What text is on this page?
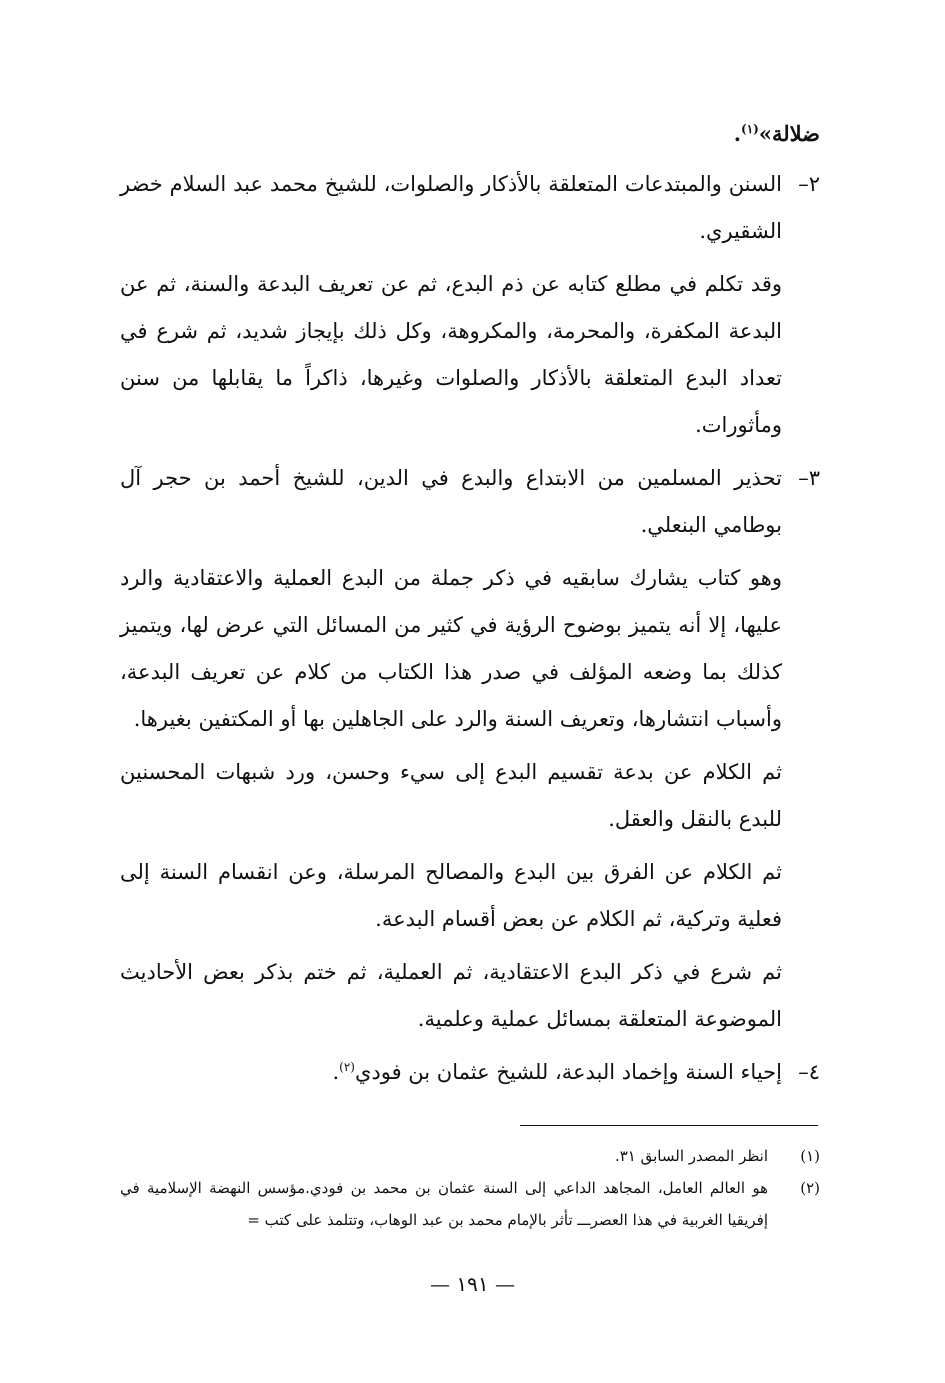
ضلالة»$^{(١)}$.

٢–

السنن والمبتدعات المتعلقة بالأذكار والصلوات، للشيخ محمد عبد السلام خضر الشقيري.

وقد تكلم في مطلع كتابه عن ذم البدع، ثم عن تعريف البدعة والسنة، ثم عن البدعة المكفرة، والمحرمة، والمكروهة، وكل ذلك بإيجاز شديد، ثم شرع في تعداد البدع المتعلقة بالأذكار والصلوات وغيرها، ذاكراً ما يقابلها من سنن ومأثورات.

٣–

تحذير المسلمين من الابتداع والبدع في الدين، للشيخ أحمد بن حجر آل بوطامي البنعلي.

وهو كتاب يشارك سابقيه في ذكر جملة من البدع العملية والاعتقادية والرد عليها، إلا أنه يتميز بوضوح الرؤية في كثير من المسائل التي عرض لها، ويتميز كذلك بما وضعه المؤلف في صدر هذا الكتاب من كلام عن تعريف البدعة، وأسباب انتشارها، وتعريف السنة والرد على الجاهلين بها أو المكتفين بغيرها.

ثم الكلام عن بدعة تقسيم البدع إلى سيء وحسن، ورد شبهات المحسنين للبدع بالنقل والعقل.

ثم الكلام عن الفرق بين البدع والمصالح المرسلة، وعن انقسام السنة إلى فعلية وتركية، ثم الكلام عن بعض أقسام البدعة.

ثم شرع في ذكر البدع الاعتقادية، ثم العملية، ثم ختم بذكر بعض الأحاديث الموضوعة المتعلقة بمسائل عملية وعلمية.

٤–

إحياء السنة وإخماد البدعة، للشيخ عثمان بن فودي$^{(٢)}$.

(١)
انظر المصدر السابق ٣١.

(٢)
هو العالم العامل، المجاهد الداعي إلى السنة عثمان بن محمد بن فودي.مؤسس النهضة الإسلامية في إفريقيا الغربية في هذا العصرـــ تأثر بالإمام محمد بن عبد الوهاب، وتتلمذ على كتب =

— ١٩١ —
